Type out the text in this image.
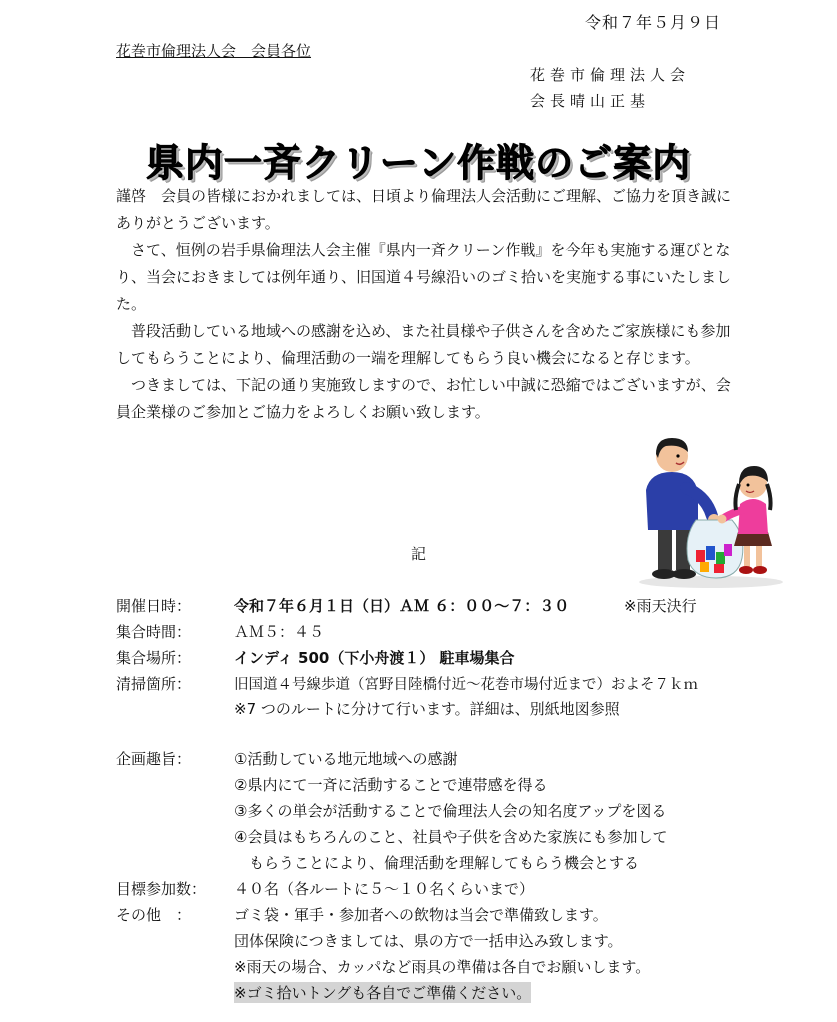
令和７年５月９日
花巻市倫理法人会　会員各位
花巻市倫理法人会
会長晴山正基
県内一斉クリーン作戦のご案内

謹啓　会員の皆様におかれましては、日頃より倫理法人会活動にご理解、ご協力を頂き誠にありがとうございます。

さて、恒例の岩手県倫理法人会主催『県内一斉クリーン作戦』を今年も実施する運びとなり、当会におきましては例年通り、旧国道４号線沿いのゴミ拾いを実施する事にいたしました。

普段活動している地域への感謝を込め、また社員様や子供さんを含めたご家族様にも参加してもらうことにより、倫理活動の一端を理解してもらう良い機会になると存じます。

つきましては、下記の通り実施致しますので、お忙しい中誠に恐縮ではございますが、会員企業様のご参加とご協力をよろしくお願い致します。

記
開催日時：	令和７年６月１日（日）ＡＭ ６：００～７：３０	※雨天決行
集合時間：	ＡＭ５：４５
集合場所：	インディ 500（下小舟渡１） 駐車場集合
清掃箇所：	旧国道４号線歩道（宮野目陸橋付近～花巻市場付近まで）およそ７ｋｍ
※7 つのルートに分けて行います。詳細は、別紙地図参照
企画趣旨：	①活動している地元地域への感謝
②県内にて一斉に活動することで連帯感を得る
③多くの単会が活動することで倫理法人会の知名度アップを図る
④会員はもちろんのこと、社員や子供を含めた家族にも参加して
　もらうことにより、倫理活動を理解してもらう機会とする
目標参加数： ４０名（各ルートに５～１０名くらいまで）
その他　：	ゴミ袋・軍手・参加者への飲物は当会で準備致します。
団体保険につきましては、県の方で一括申込み致します。
※雨天の場合、カッパなど雨具の準備は各自でお願いします。
※ゴミ拾いトングも各自でご準備ください。
